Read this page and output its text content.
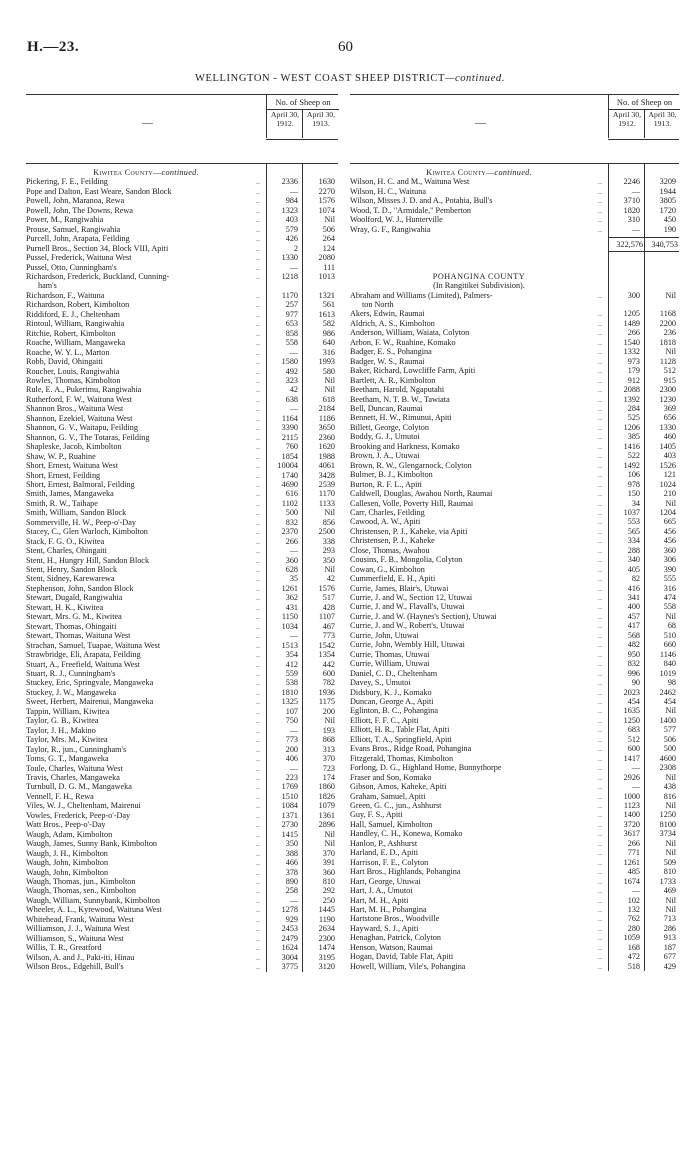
H.—23.	60
WELLINGTON - WEST COAST SHEEP DISTRICT—continued.
—
No. of Sheep on
April 30, 1912.
April 30, 1913.
Kiwitea County—continued.
Pickering, F. E., Feilding	..	2336	1630
Pope and Dalton, East Weare, Sandon Block	..	—	2270
Powell, John, Maranoa, Rewa	..	984	1576
Powell, John, The Downs, Rewa	..	1323	1074
Power, M., Rangiwahia	..	403	Nil
Prouse, Samuel, Rangiwahia	..	579	506
Purcell, John, Arapata, Feilding	..	426	264
Purnell Bros., Section 34, Block VIII, Apiti	..	2	124
Pussel, Frederick, Waituna West	..	1330	2080
Pussel, Otto, Cunningham's	..	—	111
Richardson, Frederick, Buckland, Cunning-	..	1218	1013
ham's
Richardson, F., Waituna	..	1170	1321
Richardson, Robert, Kimbolton	..	257	561
Riddiford, E. J., Cheltenham	..	977	1613
Rintoul, William, Rangiwahia	..	653	582
Ritchie, Robert, Kimbolton	..	858	986
Roache, William, Mangaweka	..	558	640
Roache, W. Y. L., Marton	..	—	316
Robb, David, Ohingaiti	..	1580	1993
Roucher, Louis, Rangiwahia	..	492	580
Rowles, Thomas, Kimbolton	..	323	Nil
Rule, E. A., Pukerimu, Rangiwahia	..	42	Nil
Rutherford, F. W., Waituna West	..	638	618
Shannon Bros., Waituna West	..	—	2184
Shannon, Ezekiel, Waituna West	..	1164	1186
Shannon, G. V., Waitapu, Feilding	..	3390	3650
Shannon, G. V., The Totaras, Feilding	..	2115	2360
Shapleske, Jacob, Kimbolton	..	760	1620
Shaw, W. P., Ruahine	..	1854	1988
Short, Ernest, Waituna West	..	10004	4061
Short, Ernest, Feilding	..	1740	3428
Short, Ernest, Balmoral, Feilding	..	4690	2539
Smith, James, Mangaweka	..	616	1170
Smith, R. W., Taihape	..	1102	1133
Smith, William, Sandon Block	..	500	Nil
Sommerville, H. W., Peep-o'-Day	..	832	856
Stacey, C., Glen Warloch, Kimbolton	..	2370	2500
Stack, F. G. O., Kiwitea	..	266	338
Stent, Charles, Ohingaiti	..	—	293
Stent, H., Hungry Hill, Sandon Block	..	360	350
Stent, Henry, Sandon Block	..	628	Nil
Stent, Sidney, Karewarewa	..	35	42
Stephenson, John, Sandon Block	..	1261	1576
Stewart, Dugald, Rangiwahia	..	362	517
Stewart, H. K., Kiwitea	..	431	428
Stewart, Mrs. G. M., Kiwitea	..	1150	1107
Stewart, Thomas, Ohingaiti	..	1034	467
Stewart, Thomas, Waituna West	..	—	773
Strachan, Samuel, Tuapae, Waituna West	..	1513	1542
Strawbridge, Eli, Arapata, Feilding	..	354	1354
Stuart, A., Freefield, Waituna West	..	412	442
Stuart, R. J., Cunningham's	..	559	600
Stuckey, Eric, Springvale, Mangaweka	..	538	782
Stuckey, J. W., Mangaweka	..	1810	1936
Sweet, Herbert, Mairenui, Mangaweka	..	1325	1175
Tappin, William, Kiwitea	..	107	200
Taylor, G. B., Kiwitea	..	750	Nil
Taylor, J. H., Makino	..	—	193
Taylor, Mrs. M., Kiwitea	..	773	868
Taylor, R., jun., Cunningham's	..	200	313
Toms, G. T., Mangaweka	..	406	370
Toule, Charles, Waituna West	..	—	723
Travis, Charles, Mangaweka	..	223	174
Turnbull, D. G. M., Mangaweka	..	1769	1860
Vennell, F. H., Rewa	..	1510	1826
Viles, W. J., Cheltenham, Mairenui	..	1084	1079
Vowles, Frederick, Peep-o'-Day	..	1371	1361
Watt Bros., Peep-o'-Day	..	2730	2896
Waugh, Adam, Kimbolton	..	1415	Nil
Waugh, James, Sunny Bank, Kimbolton	..	350	Nil
Waugh, J. H., Kimbolton	..	388	370
Waugh, John, Kimbolton	..	466	391
Waugh, John, Kimbolton	..	378	360
Waugh, Thomas, jun., Kimbolton	..	890	810
Waugh, Thomas, sen., Kimbolton	..	258	292
Waugh, William, Sunnybank, Kimbolton	..	—	250
Wheeler, A. L., Kyrewood, Waituna West	..	1278	1445
Whitehead, Frank, Waituna West	..	929	1190
Williamson, J. J., Waituna West	..	2453	2634
Williamson, S., Waituna West	..	2479	2300
Willis, T. R., Greatford	..	1624	1474
Wilson, A. and J., Paki-iti, Hinau	..	3004	3195
Wilson Bros., Edgehill, Bull's	..	3775	3120
—
No. of Sheep on
April 30, 1912.
April 30, 1913.
Kiwitea County—continued.
Wilson, H. C. and M., Waituna West	..	2246	3209
Wilson, H. C., Waituna	..	—	1944
Wilson, Misses J. D. and A., Potahia, Bull's	..	3710	3805
Wood, T. D., "Armidale," Pemberton	..	1820	1720
Woolford, W. J., Hunterville	..	310	450
Wray, G. F., Rangiwahia	..	—	190
322,576	340,753
POHANGINA COUNTY
(In Rangitikei Subdivision).
Abraham and Williams (Limited), Palmers-	..	300	Nil
ton North
Akers, Edwin, Raumai	..	1205	1168
Aldrich, A. S., Kimbolton	..	1489	2200
Anderson, William, Waiata, Colyton	..	266	236
Arbon, F. W., Ruahine, Komako	..	1540	1818
Badger, E. S., Pohangina	..	1332	Nil
Badger, W. S., Raumai	..	973	1128
Baker, Richard, Lowcliffe Farm, Apiti	..	179	512
Bartlett, A. R., Kimbolton	..	912	915
Beetham, Harold, Ngaputahi	..	2088	2300
Beetham, N. T. B. W., Tawiata	..	1392	1230
Bell, Duncan, Raumai	..	284	369
Bennett, H. W., Rimunui, Apiti	..	525	656
Billett, George, Colyton	..	1206	1330
Boddy, G. J., Umutoi	..	385	460
Brooking and Harkness, Komako	..	1416	1405
Brown, J. A., Utuwai	..	522	403
Brown, R. W., Glengarnock, Colyton	..	1492	1526
Bulmer, B. J., Kimbolton	..	106	121
Burton, R. F. L., Apiti	..	978	1024
Caldwell, Douglas, Awahou North, Raumai	..	150	210
Callesen, Volle, Poverty Hill, Raumai	..	34	Nil
Carr, Charles, Feilding	..	1037	1204
Cawood, A. W., Apiti	..	553	665
Christensen, P. J., Kaheke, via Apiti	..	565	456
Christensen, P. J., Kaheke	..	334	456
Close, Thomas, Awahou	..	288	360
Cousins, F. B., Mongolia, Colyton	..	340	306
Cowan, G., Kimbolton	..	405	390
Cummerfield, E. H., Apiti	..	82	555
Currie, James, Blair's, Utuwai	..	416	316
Currie, J. and W., Section 12, Utuwai	..	341	474
Currie, J. and W., Flavall's, Utuwai	..	400	558
Currie, J. and W. (Haynes's Section), Utuwai	..	457	Nil
Currie, J. and W., Robert's, Utuwai	..	417	68
Currie, John, Utuwai	..	568	510
Currie, John, Wembly Hill, Utuwai	..	482	660
Currie, Thomas, Utuwai	..	950	1146
Currie, William, Utuwai	..	832	840
Daniel, C. D., Cheltenham	..	996	1019
Davey, S., Umutoi	..	90	98
Didsbury, K. J., Komako	..	2023	2462
Duncan, George A., Apiti	..	454	454
Eglinton, B. C., Pohangina	..	1635	Nil
Elliott, F. F. C., Apiti	..	1250	1400
Elliott, H. R., Table Flat, Apiti	..	683	577
Elliott, T. A., Springfield, Apiti	..	512	506
Evans Bros., Ridge Road, Pohangina	..	600	500
Fitzgerald, Thomas, Kimbolton	..	1417	4600
Forlong, D. G., Highland Home, Bunnythorpe	..	—	2308
Fraser and Son, Komako	..	2926	Nil
Gibson, Amos, Kaheke, Apiti	..	—	438
Graham, Samuel, Apiti	..	1000	816
Green, G. C., jun., Ashhurst	..	1123	Nil
Guy, F. S., Apiti	..	1400	1250
Hall, Samuel, Kimbolton	..	3720	8100
Handley, C. H., Konewa, Komako	..	3617	3734
Hanlon, P., Ashhurst	..	266	Nil
Harland, E. D., Apiti	..	771	Nil
Harrison, F. E., Colyton	..	1261	509
Hart Bros., Highlands, Pohangina	..	485	810
Hart, George, Utuwai	..	1674	1733
Hart, J. A., Umutoi	..	—	469
Hart, M. H., Apiti	..	102	Nil
Hart, M. H., Pohangina	..	132	Nil
Hartstone Bros., Woodville	..	762	713
Hayward, S. J., Apiti	..	280	286
Henaghan, Patrick, Colyton	..	1059	913
Henson, Watson, Raumai	..	168	187
Hogan, David, Table Flat, Apiti	..	472	677
Howell, William, Vile's, Pohangina	..	518	429
